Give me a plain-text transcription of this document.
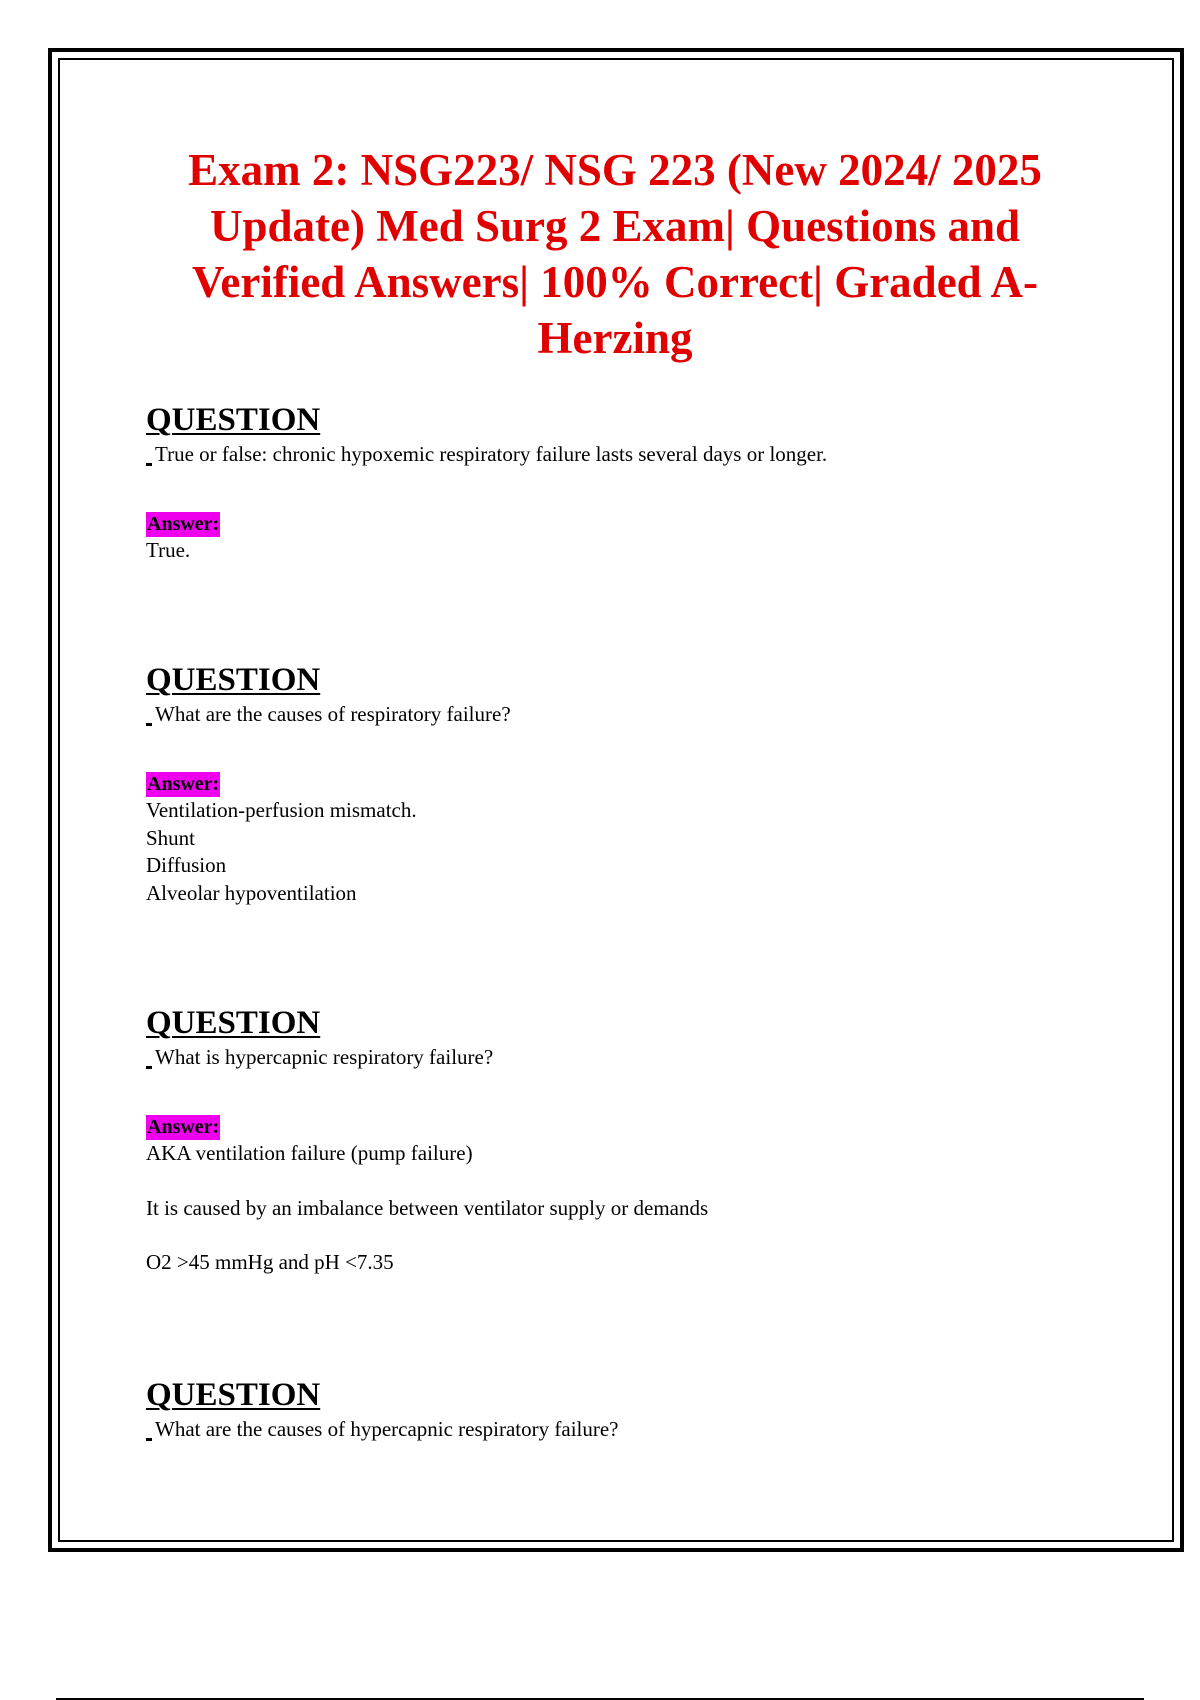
Exam 2: NSG223/ NSG 223 (New 2024/ 2025 Update) Med Surg 2 Exam| Questions and Verified Answers| 100% Correct| Graded A- Herzing
QUESTION
True or false: chronic hypoxemic respiratory failure lasts several days or longer.
Answer:
True.
QUESTION
What are the causes of respiratory failure?
Answer:
Ventilation-perfusion mismatch.
Shunt
Diffusion
Alveolar hypoventilation
QUESTION
What is hypercapnic respiratory failure?
Answer:
AKA ventilation failure (pump failure)
It is caused by an imbalance between ventilator supply or demands
O2 >45 mmHg and pH <7.35
QUESTION
What are the causes of hypercapnic respiratory failure?
